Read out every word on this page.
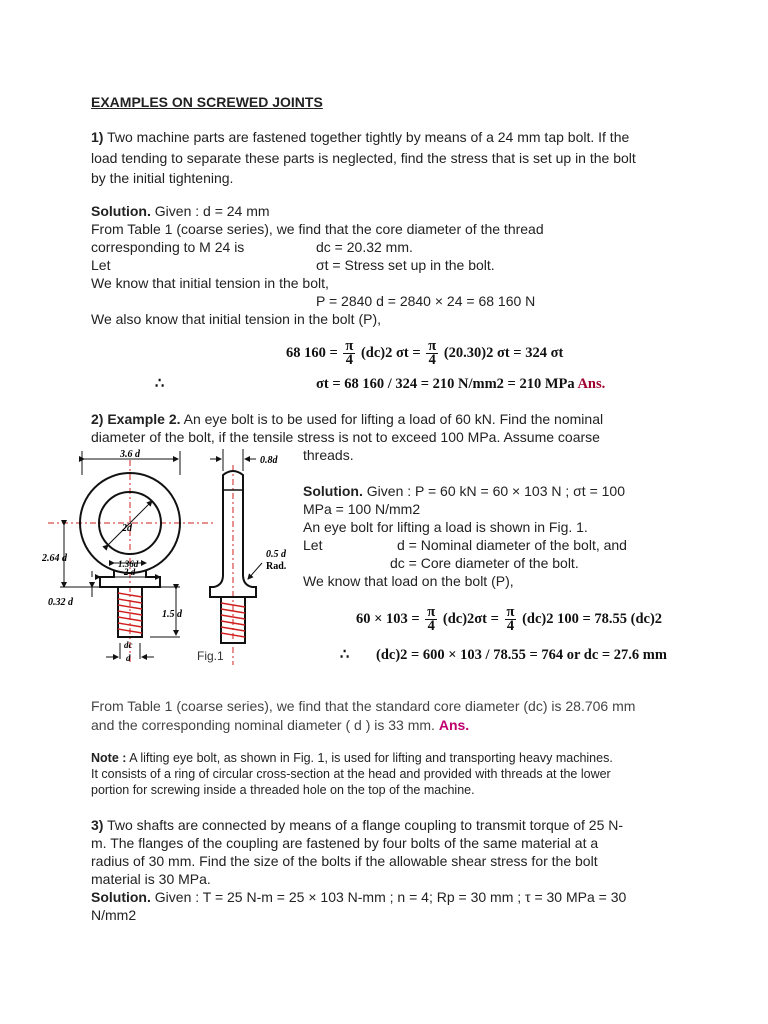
EXAMPLES ON SCREWED JOINTS
1) Two machine parts are fastened together tightly by means of a 24 mm tap bolt. If the
load tending to separate these parts is neglected, find the stress that is set up in the bolt
by the initial tightening.
Solution. Given : d = 24 mm
From Table 1 (coarse series), we find that the core diameter of the thread
corresponding to M 24 is	dc = 20.32 mm.
Let	σt = Stress set up in the bolt.
We know that initial tension in the bolt,
P = 2840 d = 2840 × 24 = 68 160 N
We also know that initial tension in the bolt (P),
68 $160 = \frac{\pi}{4} (dc)2$ $\sigma t = \frac{\pi}{4} (20.30)2$ σt = 324 σt
∴	σt = 68 160 / 324 = 210 N/mm2 = 210 MPa Ans.
2) Example 2. An eye bolt is to be used for lifting a load of 60 kN. Find the nominal
diameter of the bolt, if the tensile stress is not to exceed 100 MPa. Assume coarse
threads.
Solution. Given : P = 60 kN = 60 × 103 N ; σt = 100
MPa = 100 N/mm2
An eye bolt for lifting a load is shown in Fig. 1.
Let	d = Nominal diameter of the bolt, and
dc = Core diameter of the bolt.
We know that load on the bolt (P),
$60 \times 103 = \frac{\pi}{4} (dc)2\sigma t = \frac{\pi}{4} (dc)2$ 100 = 78.55 (dc)2
∴ (dc)2 = 600 × 103 / 78.55 = 764 or dc = 27.6 mm
2d
3.6 d
2.64 d	1.36d
2 d
0.32 d
1.5 d
dc
d
0.8d
0.5 d
Rad.
Fig.1
From Table 1 (coarse series), we find that the standard core diameter (dc) is 28.706 mm
and the corresponding nominal diameter ( d ) is 33 mm. Ans.
Note : A lifting eye bolt, as shown in Fig. 1, is used for lifting and transporting heavy machines.
It consists of a ring of circular cross-section at the head and provided with threads at the lower
portion for screwing inside a threaded hole on the top of the machine.
3) Two shafts are connected by means of a flange coupling to transmit torque of 25 N-
m. The flanges of the coupling are fastened by four bolts of the same material at a
radius of 30 mm. Find the size of the bolts if the allowable shear stress for the bolt
material is 30 MPa.
Solution. Given : T = 25 N-m = 25 × 103 N-mm ; n = 4; Rp = 30 mm ; τ = 30 MPa = 30
N/mm2
